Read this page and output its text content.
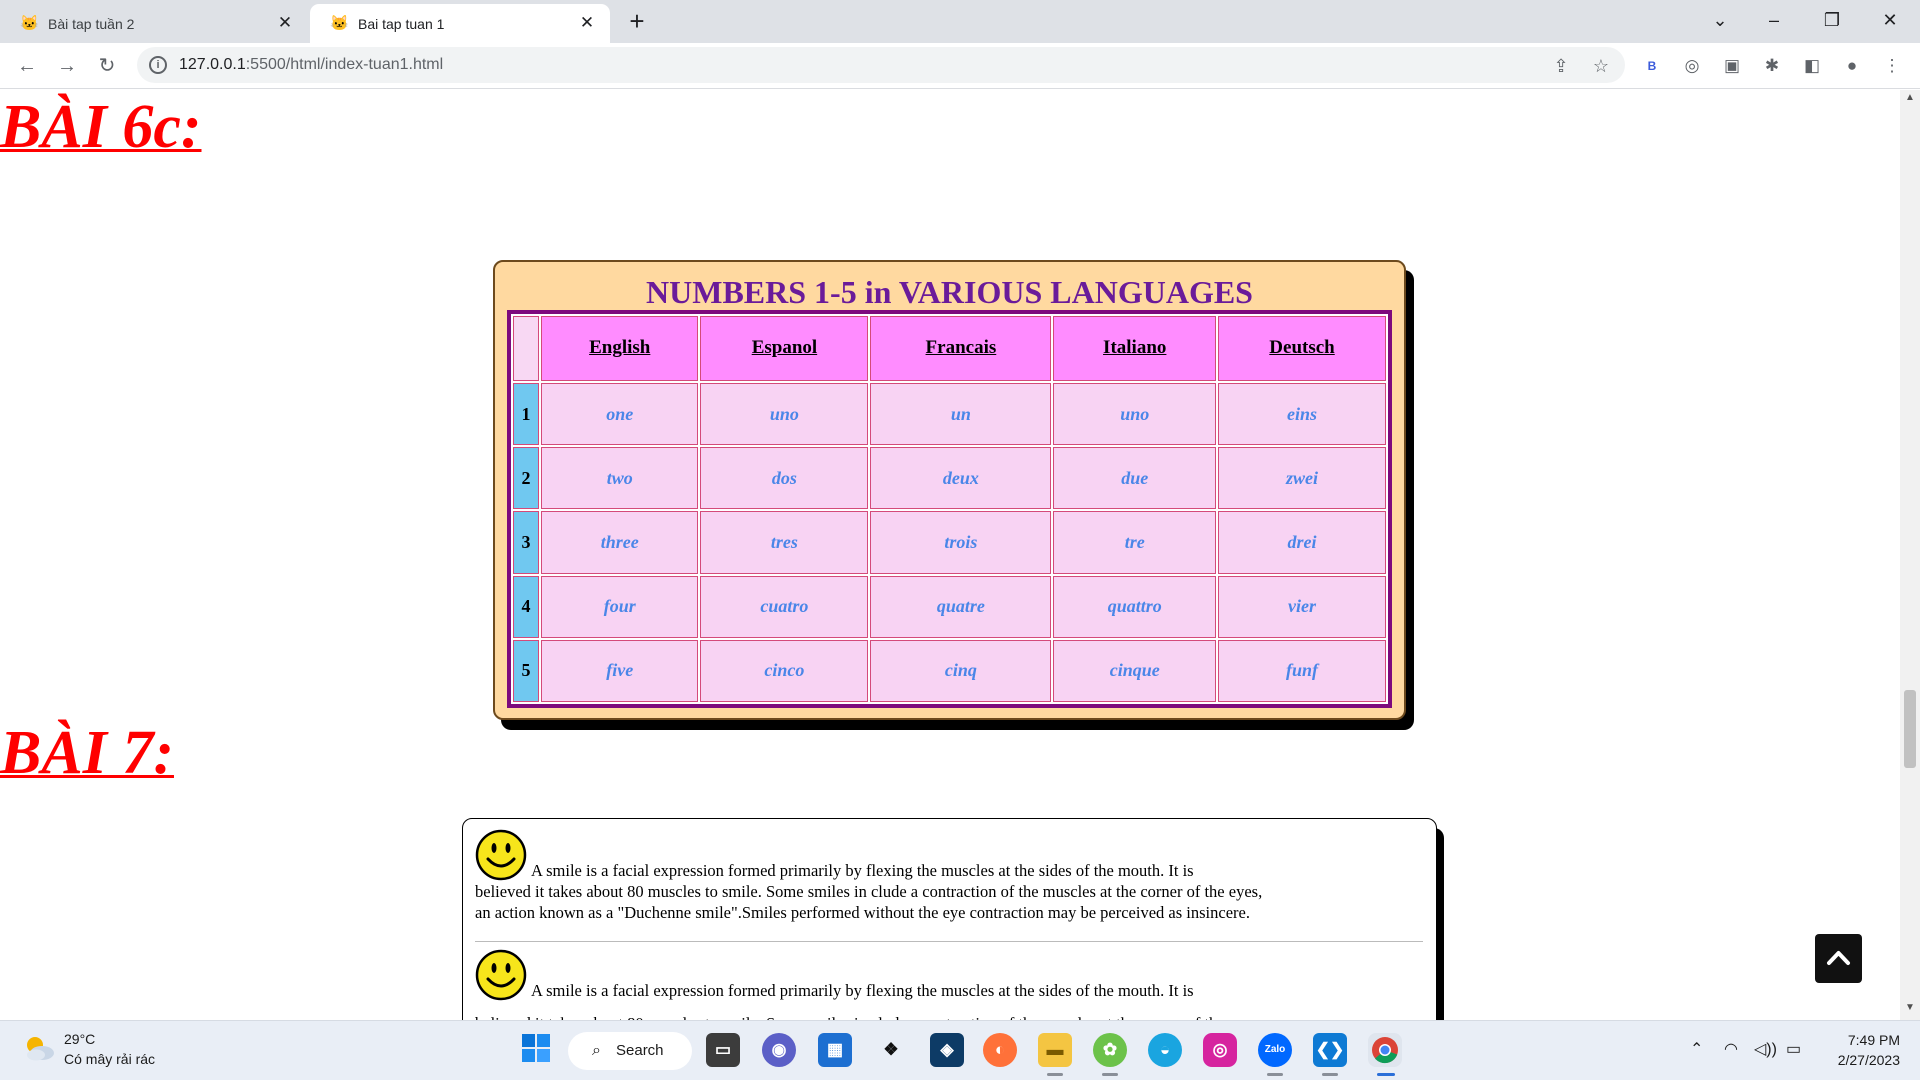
🐱 Bài tap tuần 2	✕	🐱 Bai tap tuan 1	✕ +	⌄	–	❐	✕
← →	↻	i	127.0.0.1:5500/html/index-tuan1.html	⇪ ☆	B	◎ ▣ ✱ ◧	●	⋮
BÀI 6c:
NUMBERS 1-5 in VARIOUS LANGUAGES
	English	Espanol	Francais	Italiano	Deutsch
1	one	uno	un	uno	eins
2	two	dos	deux	due	zwei
3	three	tres	trois	tre	drei
4	four	cuatro	quatre	quattro	vier
5	five	cinco	cinq	cinque	funf
BÀI 7:
A smile is a facial expression formed primarily by flexing the muscles at the sides of the mouth. It is
believed it takes about 80 muscles to smile. Some smiles in clude a contraction of the muscles at the corner of the eyes,
an action known as a "Duchenne smile".Smiles performed without the eye contraction may be perceived as insincere.
A smile is a facial expression formed primarily by flexing the muscles at the sides of the mouth. It is

▲
▼
29°C
Có mây rải rác	⌕ Search	▭	◉	▦	❖	◈	◐	▬	✿	◒	◎	Zalo	❮❯	⌃ ◠ ◁)) ▭
7:49 PM
2/27/2023
